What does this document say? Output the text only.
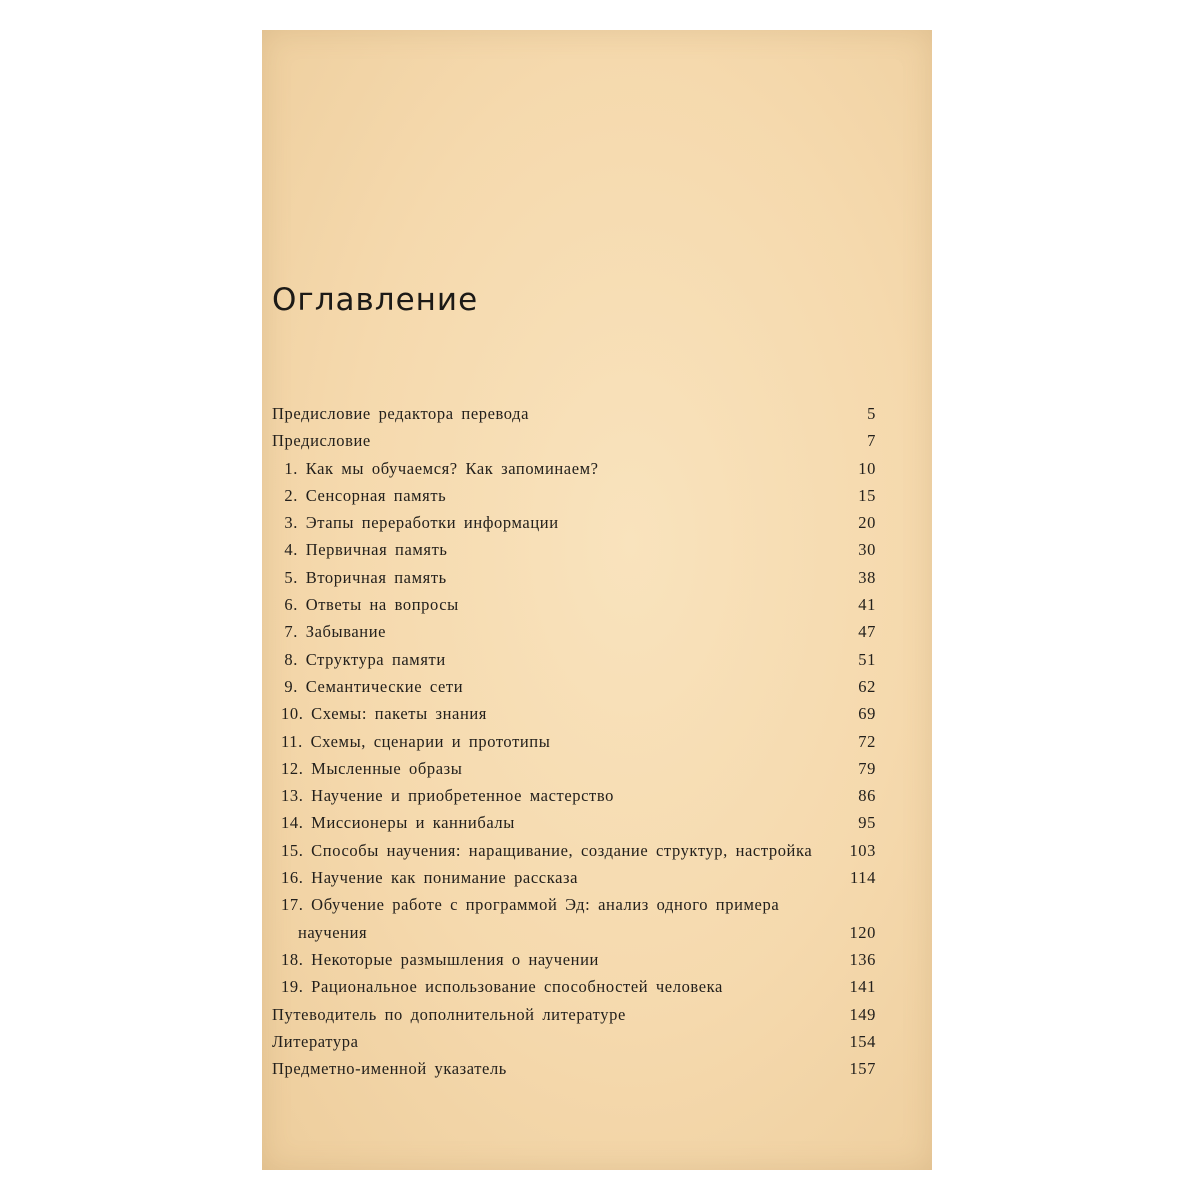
Оглавление
Предисловие редактора перевода	5
Предисловие	7
1. Как мы обучаемся? Как запоминаем?	10
2. Сенсорная память	15
3. Этапы переработки информации	20
4. Первичная память	30
5. Вторичная память	38
6. Ответы на вопросы	41
7. Забывание	47
8. Структура памяти	51
9. Семантические сети	62
10. Схемы: пакеты знания	69
11. Схемы, сценарии и прототипы	72
12. Мысленные образы	79
13. Научение и приобретенное мастерство	86
14. Миссионеры и каннибалы	95
15. Способы научения: наращивание, создание структур, настройка	103
16. Научение как понимание рассказа	114
17. Обучение работе с программой Эд: анализ одного примера научения	120
18. Некоторые размышления о научении	136
19. Рациональное использование способностей человека	141
Путеводитель по дополнительной литературе	149
Литература	154
Предметно-именной указатель	157
